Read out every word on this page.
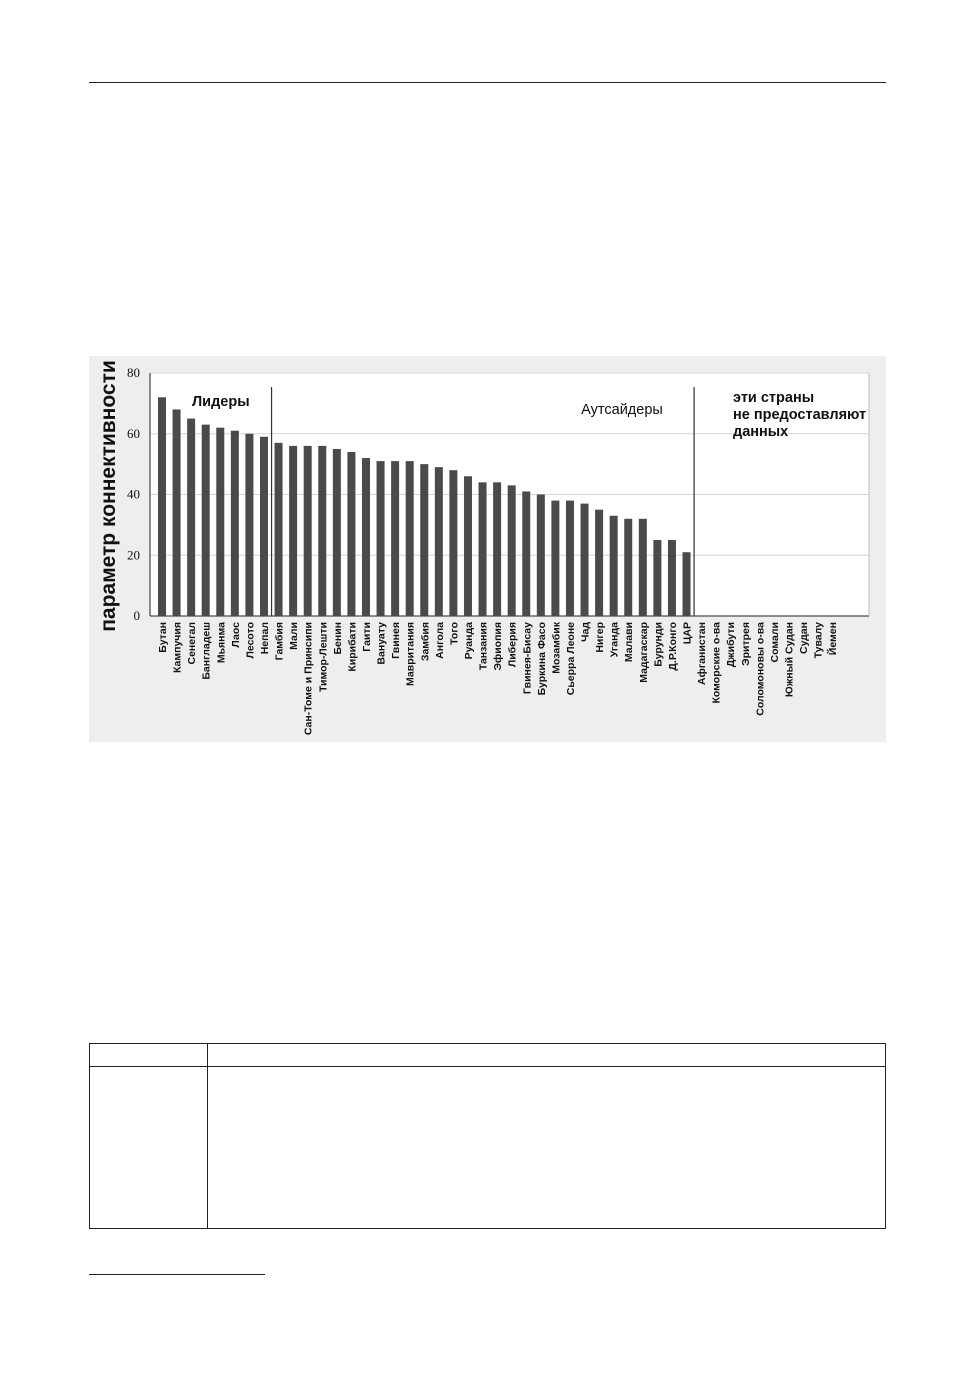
0
20
40
60
80
Лидеры	Аутсайдеры
эти страны не предоставляют данных
Бутан Кампучия Сенегал Бангладеш Мьянма Лаос Лесото Непал Гамбия Мали Сан-Томе и Принсипи Тимор-Лешти Бенин Кирибати Гаити Вануату Гвинея Мавритания Замбия Ангола Того Руанда Танзания Эфиопия Либерия Гвинея-Бисау Буркина Фасо Мозамбик Сьерра Леоне Чад Нигер Уганда Малави Мадагаскар Бурунди Д.Р.Конго ЦАР Афганистан Коморские о-ва Джибути Эритрея Соломоновы о-ва Сомали Южный Судан Судан Тувалу Йемен
параметр коннективности
